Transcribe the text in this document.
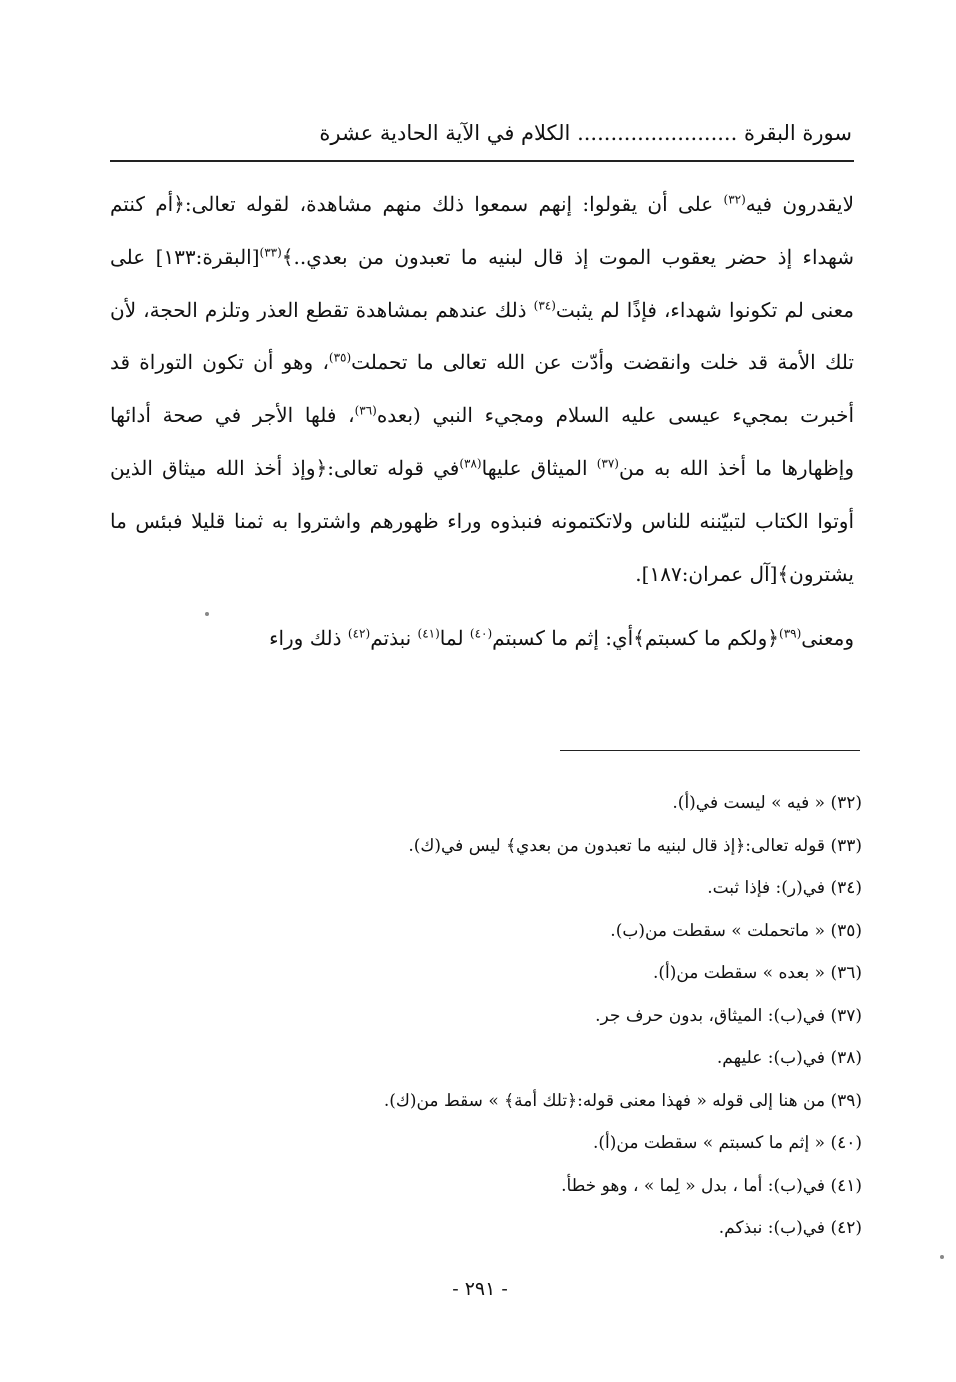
سورة البقرة ........................ الكلام في الآية الحادية عشرة

لايقدرون فيه$^{(٣٢)}$ على أن يقولوا: إنهم سمعوا ذلك منهم مشاهدة، لقوله تعالى:﴿أم كنتم شهداء إذ حضر يعقوب الموت إذ قال لبنيه ما تعبدون من بعدي..﴾$^{(٣٣)}$[البقرة:١٣٣] على معنى لم تكونوا شهداء، فإذًا لم يثبت$^{(٣٤)}$ ذلك عندهم بمشاهدة تقطع العذر وتلزم الحجة، لأن تلك الأمة قد خلت وانقضت وأدّت عن الله تعالى ما تحملت$^{(٣٥)}$، وهو أن تكون التوراة قد أخبرت بمجيء عيسى عليه السلام ومجيء النبي (بعده$^{(٣٦)}$، فلها الأجر في صحة أدائها وإظهارها ما أخذ الله به من$^{(٣٧)}$ الميثاق عليها$^{(٣٨)}$في قوله تعالى:﴿وإذ أخذ الله ميثاق الذين أوتوا الكتاب لتبيّننه للناس ولاتكتمونه فنبذوه وراء ظهورهم واشتروا به ثمنا قليلا فبئس ما يشترون﴾[آل عمران:١٨٧].

ومعنى$^{(٣٩)}$﴿ولكم ما كسبتم﴾أي: إثم ما كسبتم$^{(٤٠)}$ لما$^{(٤١)}$ نبذتم$^{(٤٢)}$ ذلك وراء

(٣٢) « فيه » ليست في(أ).

(٣٣) قوله تعالى:﴿إذ قال لبنيه ما تعبدون من بعدي﴾ ليس في(ك).

(٣٤) في(ر): فإذا ثبت.

(٣٥) « ماتحملت » سقطت من(ب).

(٣٦) « بعده » سقطت من(أ).

(٣٧) في(ب): الميثاق، بدون حرف جر.

(٣٨) في(ب): عليهم.

(٣٩) من هنا إلى قوله « فهذا معنى قوله:﴿تلك أمة﴾ » سقط من(ك).

(٤٠) « إثم ما كسبتم » سقطت من(أ).

(٤١) في(ب): أما ، بدل « لِما » ، وهو خطأ.

(٤٢) في(ب): نبذكم.

- ٢٩١ -
